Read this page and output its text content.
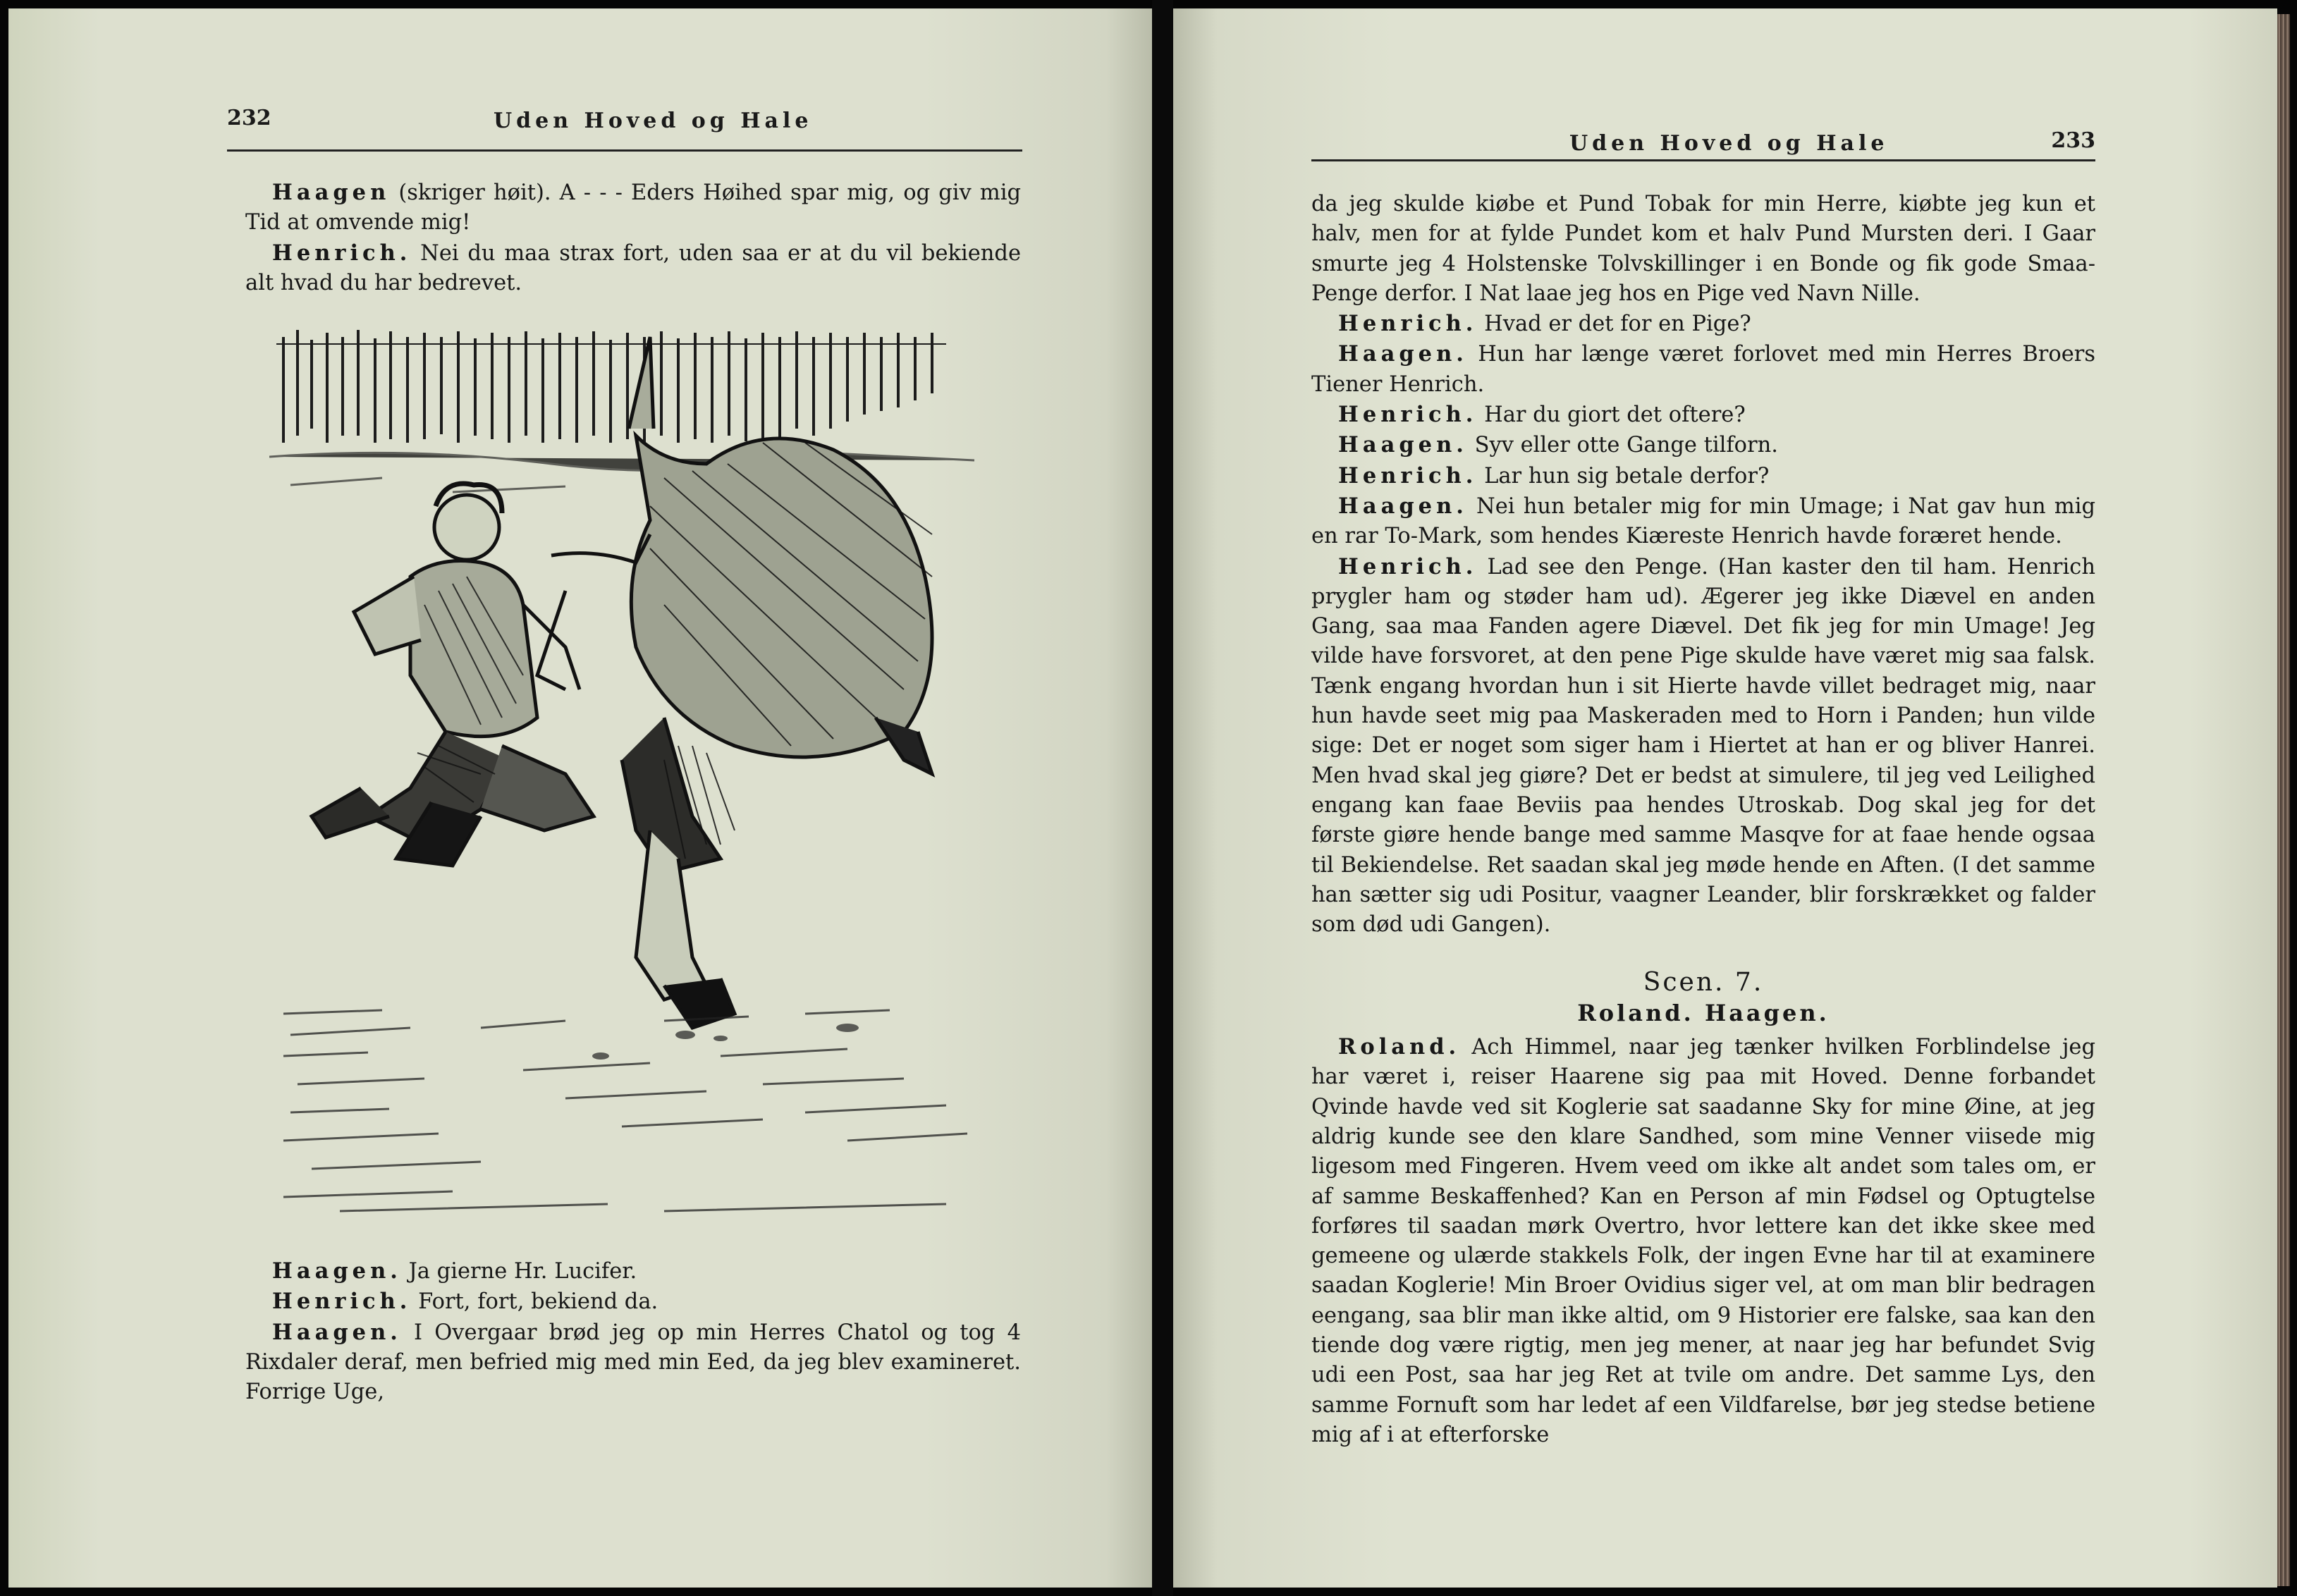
232	Uden Hoved og Hale

Haagen (skriger høit). A - - - Eders Høihed spar mig, og giv mig Tid at omvende mig!

Henrich. Nei du maa strax fort, uden saa er at du vil bekiende alt hvad du har bedrevet.

Haagen. Ja gierne Hr. Lucifer.

Henrich. Fort, fort, bekiend da.

Haagen. I Overgaar brød jeg op min Herres Chatol og tog 4 Rixdaler deraf, men befried mig med min Eed, da jeg blev examineret. Forrige Uge,

Uden Hoved og Hale	233

da jeg skulde kiøbe et Pund Tobak for min Herre, kiøbte jeg kun et halv, men for at fylde Pundet kom et halv Pund Mursten deri. I Gaar smurte jeg 4 Holstenske Tolvskillinger i en Bonde og fik gode Smaa-Penge derfor. I Nat laae jeg hos en Pige ved Navn Nille.

Henrich. Hvad er det for en Pige?

Haagen. Hun har længe været forlovet med min Herres Broers Tiener Henrich.

Henrich. Har du giort det oftere?

Haagen. Syv eller otte Gange tilforn.

Henrich. Lar hun sig betale derfor?

Haagen. Nei hun betaler mig for min Umage; i Nat gav hun mig en rar To-Mark, som hendes Kiæreste Henrich havde foræret hende.

Henrich. Lad see den Penge. (Han kaster den til ham. Henrich prygler ham og støder ham ud). Ægerer jeg ikke Diævel en anden Gang, saa maa Fanden agere Diævel. Det fik jeg for min Umage! Jeg vilde have forsvoret, at den pene Pige skulde have været mig saa falsk. Tænk engang hvordan hun i sit Hierte havde villet bedraget mig, naar hun havde seet mig paa Maskeraden med to Horn i Panden; hun vilde sige: Det er noget som siger ham i Hiertet at han er og bliver Hanrei. Men hvad skal jeg giøre? Det er bedst at simulere, til jeg ved Leilighed engang kan faae Beviis paa hendes Utroskab. Dog skal jeg for det første giøre hende bange med samme Masqve for at faae hende ogsaa til Bekiendelse. Ret saadan skal jeg møde hende en Aften. (I det samme han sætter sig udi Positur, vaagner Leander, blir forskrækket og falder som død udi Gangen).

Scen. 7.

Roland. Haagen.

Roland. Ach Himmel, naar jeg tænker hvilken Forblindelse jeg har været i, reiser Haarene sig paa mit Hoved. Denne forbandet Qvinde havde ved sit Koglerie sat saadanne Sky for mine Øine, at jeg aldrig kunde see den klare Sandhed, som mine Venner viisede mig ligesom med Fingeren. Hvem veed om ikke alt andet som tales om, er af samme Beskaffenhed? Kan en Person af min Fødsel og Optugtelse forføres til saadan mørk Overtro, hvor lettere kan det ikke skee med gemeene og ulærde stakkels Folk, der ingen Evne har til at examinere saadan Koglerie! Min Broer Ovidius siger vel, at om man blir bedragen eengang, saa blir man ikke altid, om 9 Historier ere falske, saa kan den tiende dog være rigtig, men jeg mener, at naar jeg har befundet Svig udi een Post, saa har jeg Ret at tvile om andre. Det samme Lys, den samme Fornuft som har ledet af een Vildfarelse, bør jeg stedse betiene mig af i at efterforske
